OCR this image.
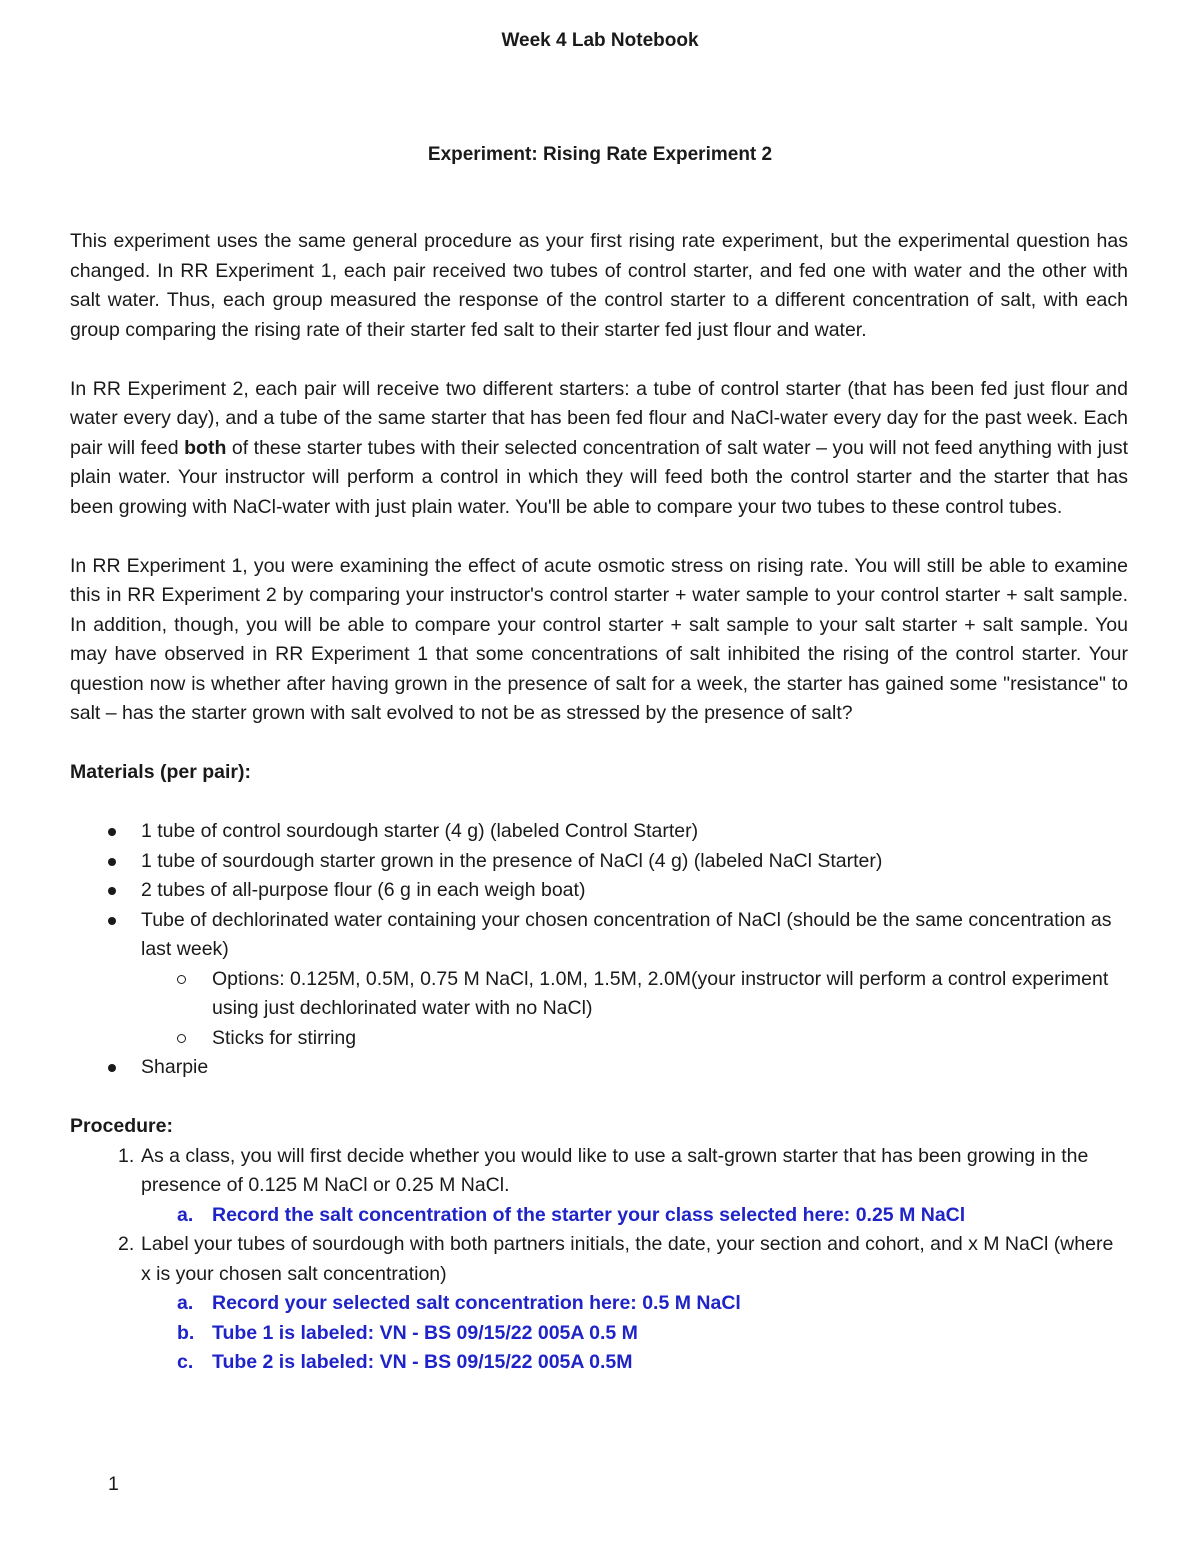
Week 4 Lab Notebook
Experiment: Rising Rate Experiment 2

This experiment uses the same general procedure as your first rising rate experiment, but the experimental question has changed. In RR Experiment 1, each pair received two tubes of control starter, and fed one with water and the other with salt water. Thus, each group measured the response of the control starter to a different concentration of salt, with each group comparing the rising rate of their starter fed salt to their starter fed just flour and water.

In RR Experiment 2, each pair will receive two different starters: a tube of control starter (that has been fed just flour and water every day), and a tube of the same starter that has been fed flour and NaCl-water every day for the past week. Each pair will feed both of these starter tubes with their selected concentration of salt water – you will not feed anything with just plain water. Your instructor will perform a control in which they will feed both the control starter and the starter that has been growing with NaCl-water with just plain water. You'll be able to compare your two tubes to these control tubes.

In RR Experiment 1, you were examining the effect of acute osmotic stress on rising rate. You will still be able to examine this in RR Experiment 2 by comparing your instructor's control starter + water sample to your control starter + salt sample. In addition, though, you will be able to compare your control starter + salt sample to your salt starter + salt sample. You may have observed in RR Experiment 1 that some concentrations of salt inhibited the rising of the control starter. Your question now is whether after having grown in the presence of salt for a week, the starter has gained some "resistance" to salt – has the starter grown with salt evolved to not be as stressed by the presence of salt?

Materials (per pair):

1 tube of control sourdough starter (4 g) (labeled Control Starter)
1 tube of sourdough starter grown in the presence of NaCl (4 g) (labeled NaCl Starter)
2 tubes of all-purpose flour (6 g in each weigh boat)
Tube of dechlorinated water containing your chosen concentration of NaCl (should be the same concentration as last week)
Options: 0.125M, 0.5M, 0.75 M NaCl, 1.0M, 1.5M, 2.0M(your instructor will perform a control experiment using just dechlorinated water with no NaCl)
Sticks for stirring
Sharpie

Procedure:

1. As a class, you will first decide whether you would like to use a salt-grown starter that has been growing in the presence of 0.125 M NaCl or 0.25 M NaCl.
a. Record the salt concentration of the starter your class selected here: 0.25 M NaCl
2. Label your tubes of sourdough with both partners initials, the date, your section and cohort, and x M NaCl (where x is your chosen salt concentration)
a. Record your selected salt concentration here: 0.5 M NaCl
b. Tube 1 is labeled: VN - BS 09/15/22 005A 0.5 M
c. Tube 2 is labeled: VN - BS 09/15/22 005A 0.5M
1
